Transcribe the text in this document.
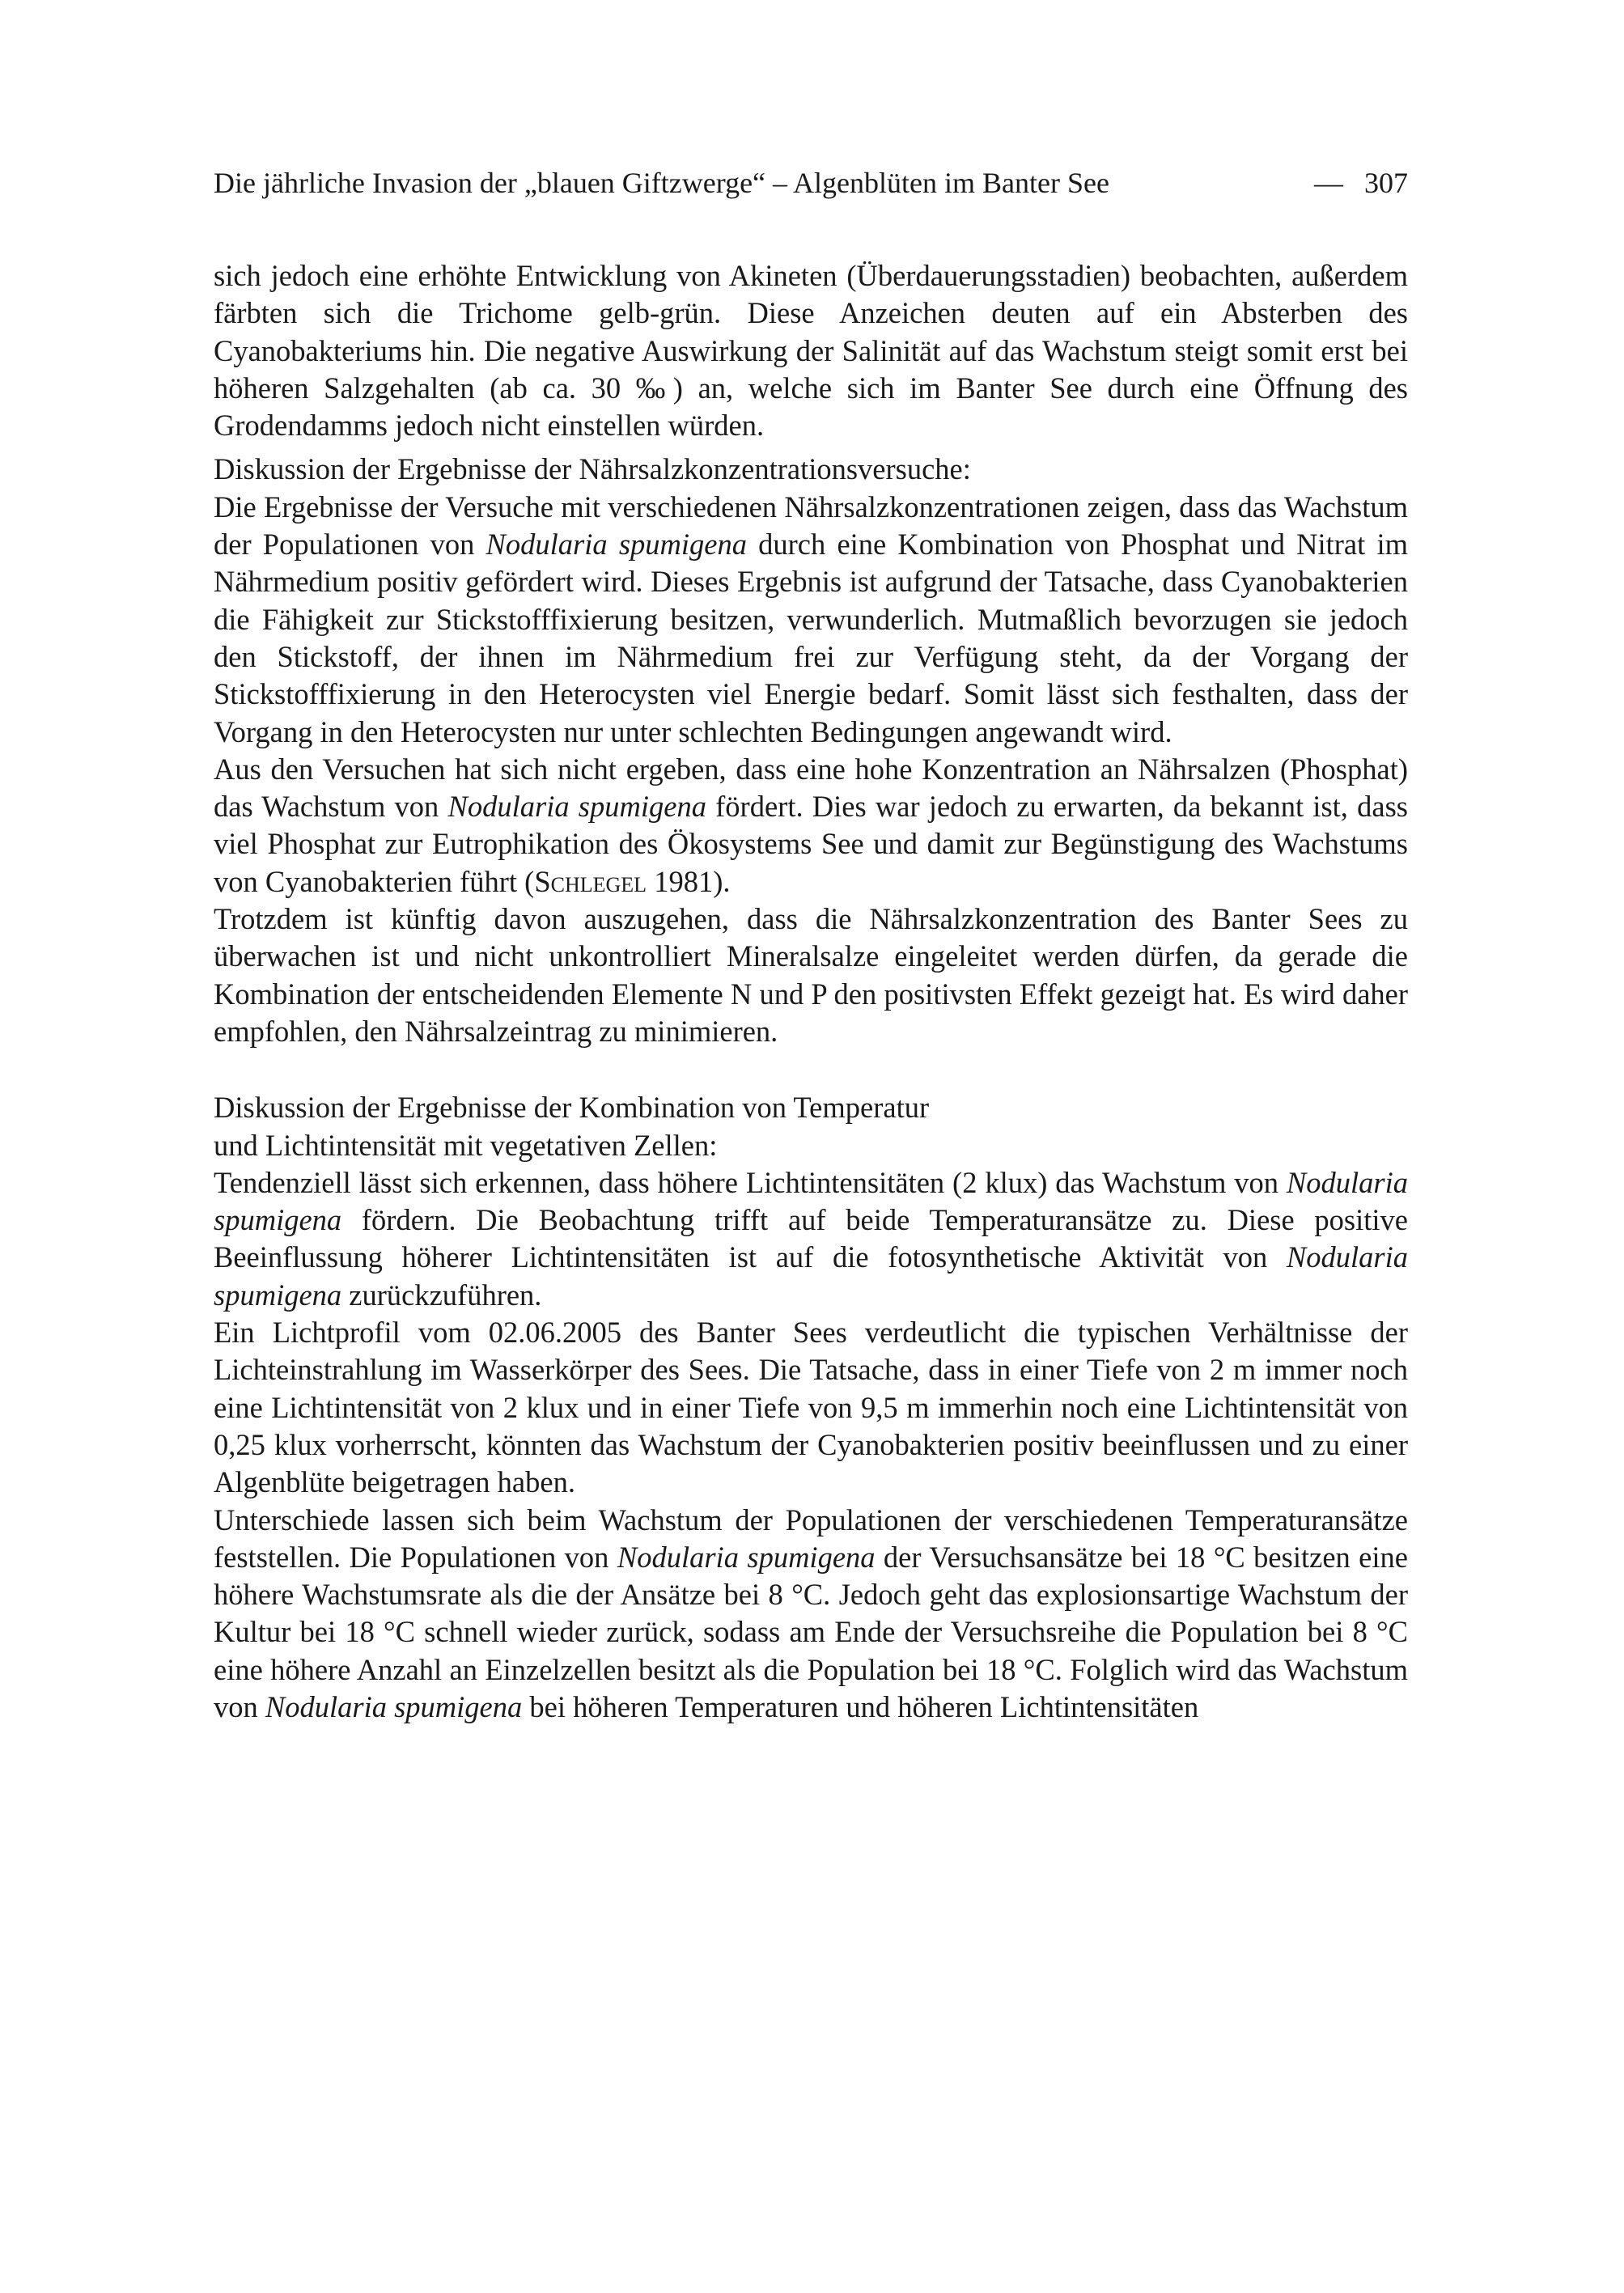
Die jährliche Invasion der „blauen Giftzwerge“ – Algenblüten im Banter See	— 307

sich jedoch eine erhöhte Entwicklung von Akineten (Überdauerungsstadien) beobachten, außerdem färbten sich die Trichome gelb-grün. Diese Anzeichen deuten auf ein Absterben des Cyanobakteriums hin. Die negative Auswirkung der Salinität auf das Wachstum steigt somit erst bei höheren Salzgehalten (ab ca. 30 ‰) an, welche sich im Banter See durch eine Öffnung des Grodendamms jedoch nicht einstellen würden.

Diskussion der Ergebnisse der Nährsalzkonzentrationsversuche:

Die Ergebnisse der Versuche mit verschiedenen Nährsalzkonzentrationen zeigen, dass das Wachstum der Populationen von Nodularia spumigena durch eine Kombination von Phosphat und Nitrat im Nährmedium positiv gefördert wird. Dieses Ergebnis ist aufgrund der Tatsache, dass Cyanobakterien die Fähigkeit zur Stickstofffixierung besitzen, verwunderlich. Mutmaßlich bevorzugen sie jedoch den Stickstoff, der ihnen im Nährmedium frei zur Verfügung steht, da der Vorgang der Stickstofffixierung in den Heterocysten viel Energie bedarf. Somit lässt sich festhalten, dass der Vorgang in den Heterocysten nur unter schlechten Bedingungen angewandt wird.

Aus den Versuchen hat sich nicht ergeben, dass eine hohe Konzentration an Nährsalzen (Phosphat) das Wachstum von Nodularia spumigena fördert. Dies war jedoch zu erwarten, da bekannt ist, dass viel Phosphat zur Eutrophikation des Ökosystems See und damit zur Begünstigung des Wachstums von Cyanobakterien führt (Schlegel 1981).

Trotzdem ist künftig davon auszugehen, dass die Nährsalzkonzentration des Banter Sees zu überwachen ist und nicht unkontrolliert Mineralsalze eingeleitet werden dürfen, da gerade die Kombination der entscheidenden Elemente N und P den positivsten Effekt gezeigt hat. Es wird daher empfohlen, den Nährsalzeintrag zu minimieren.

Diskussion der Ergebnisse der Kombination von Temperatur

und Lichtintensität mit vegetativen Zellen:

Tendenziell lässt sich erkennen, dass höhere Lichtintensitäten (2 klux) das Wachstum von Nodularia spumigena fördern. Die Beobachtung trifft auf beide Temperaturansätze zu. Diese positive Beeinflussung höherer Lichtintensitäten ist auf die fotosynthetische Aktivität von Nodularia spumigena zurückzuführen.

Ein Lichtprofil vom 02.06.2005 des Banter Sees verdeutlicht die typischen Verhältnisse der Lichteinstrahlung im Wasserkörper des Sees. Die Tatsache, dass in einer Tiefe von 2 m immer noch eine Lichtintensität von 2 klux und in einer Tiefe von 9,5 m immerhin noch eine Lichtintensität von 0,25 klux vorherrscht, könnten das Wachstum der Cyanobakterien positiv beeinflussen und zu einer Algenblüte beigetragen haben.

Unterschiede lassen sich beim Wachstum der Populationen der verschiedenen Temperaturansätze feststellen. Die Populationen von Nodularia spumigena der Versuchsansätze bei 18 °C besitzen eine höhere Wachstumsrate als die der Ansätze bei 8 °C. Jedoch geht das explosionsartige Wachstum der Kultur bei 18 °C schnell wieder zurück, sodass am Ende der Versuchsreihe die Population bei 8 °C eine höhere Anzahl an Einzelzellen besitzt als die Population bei 18 °C. Folglich wird das Wachstum von Nodularia spumigena bei höheren Temperaturen und höheren Lichtintensitäten
